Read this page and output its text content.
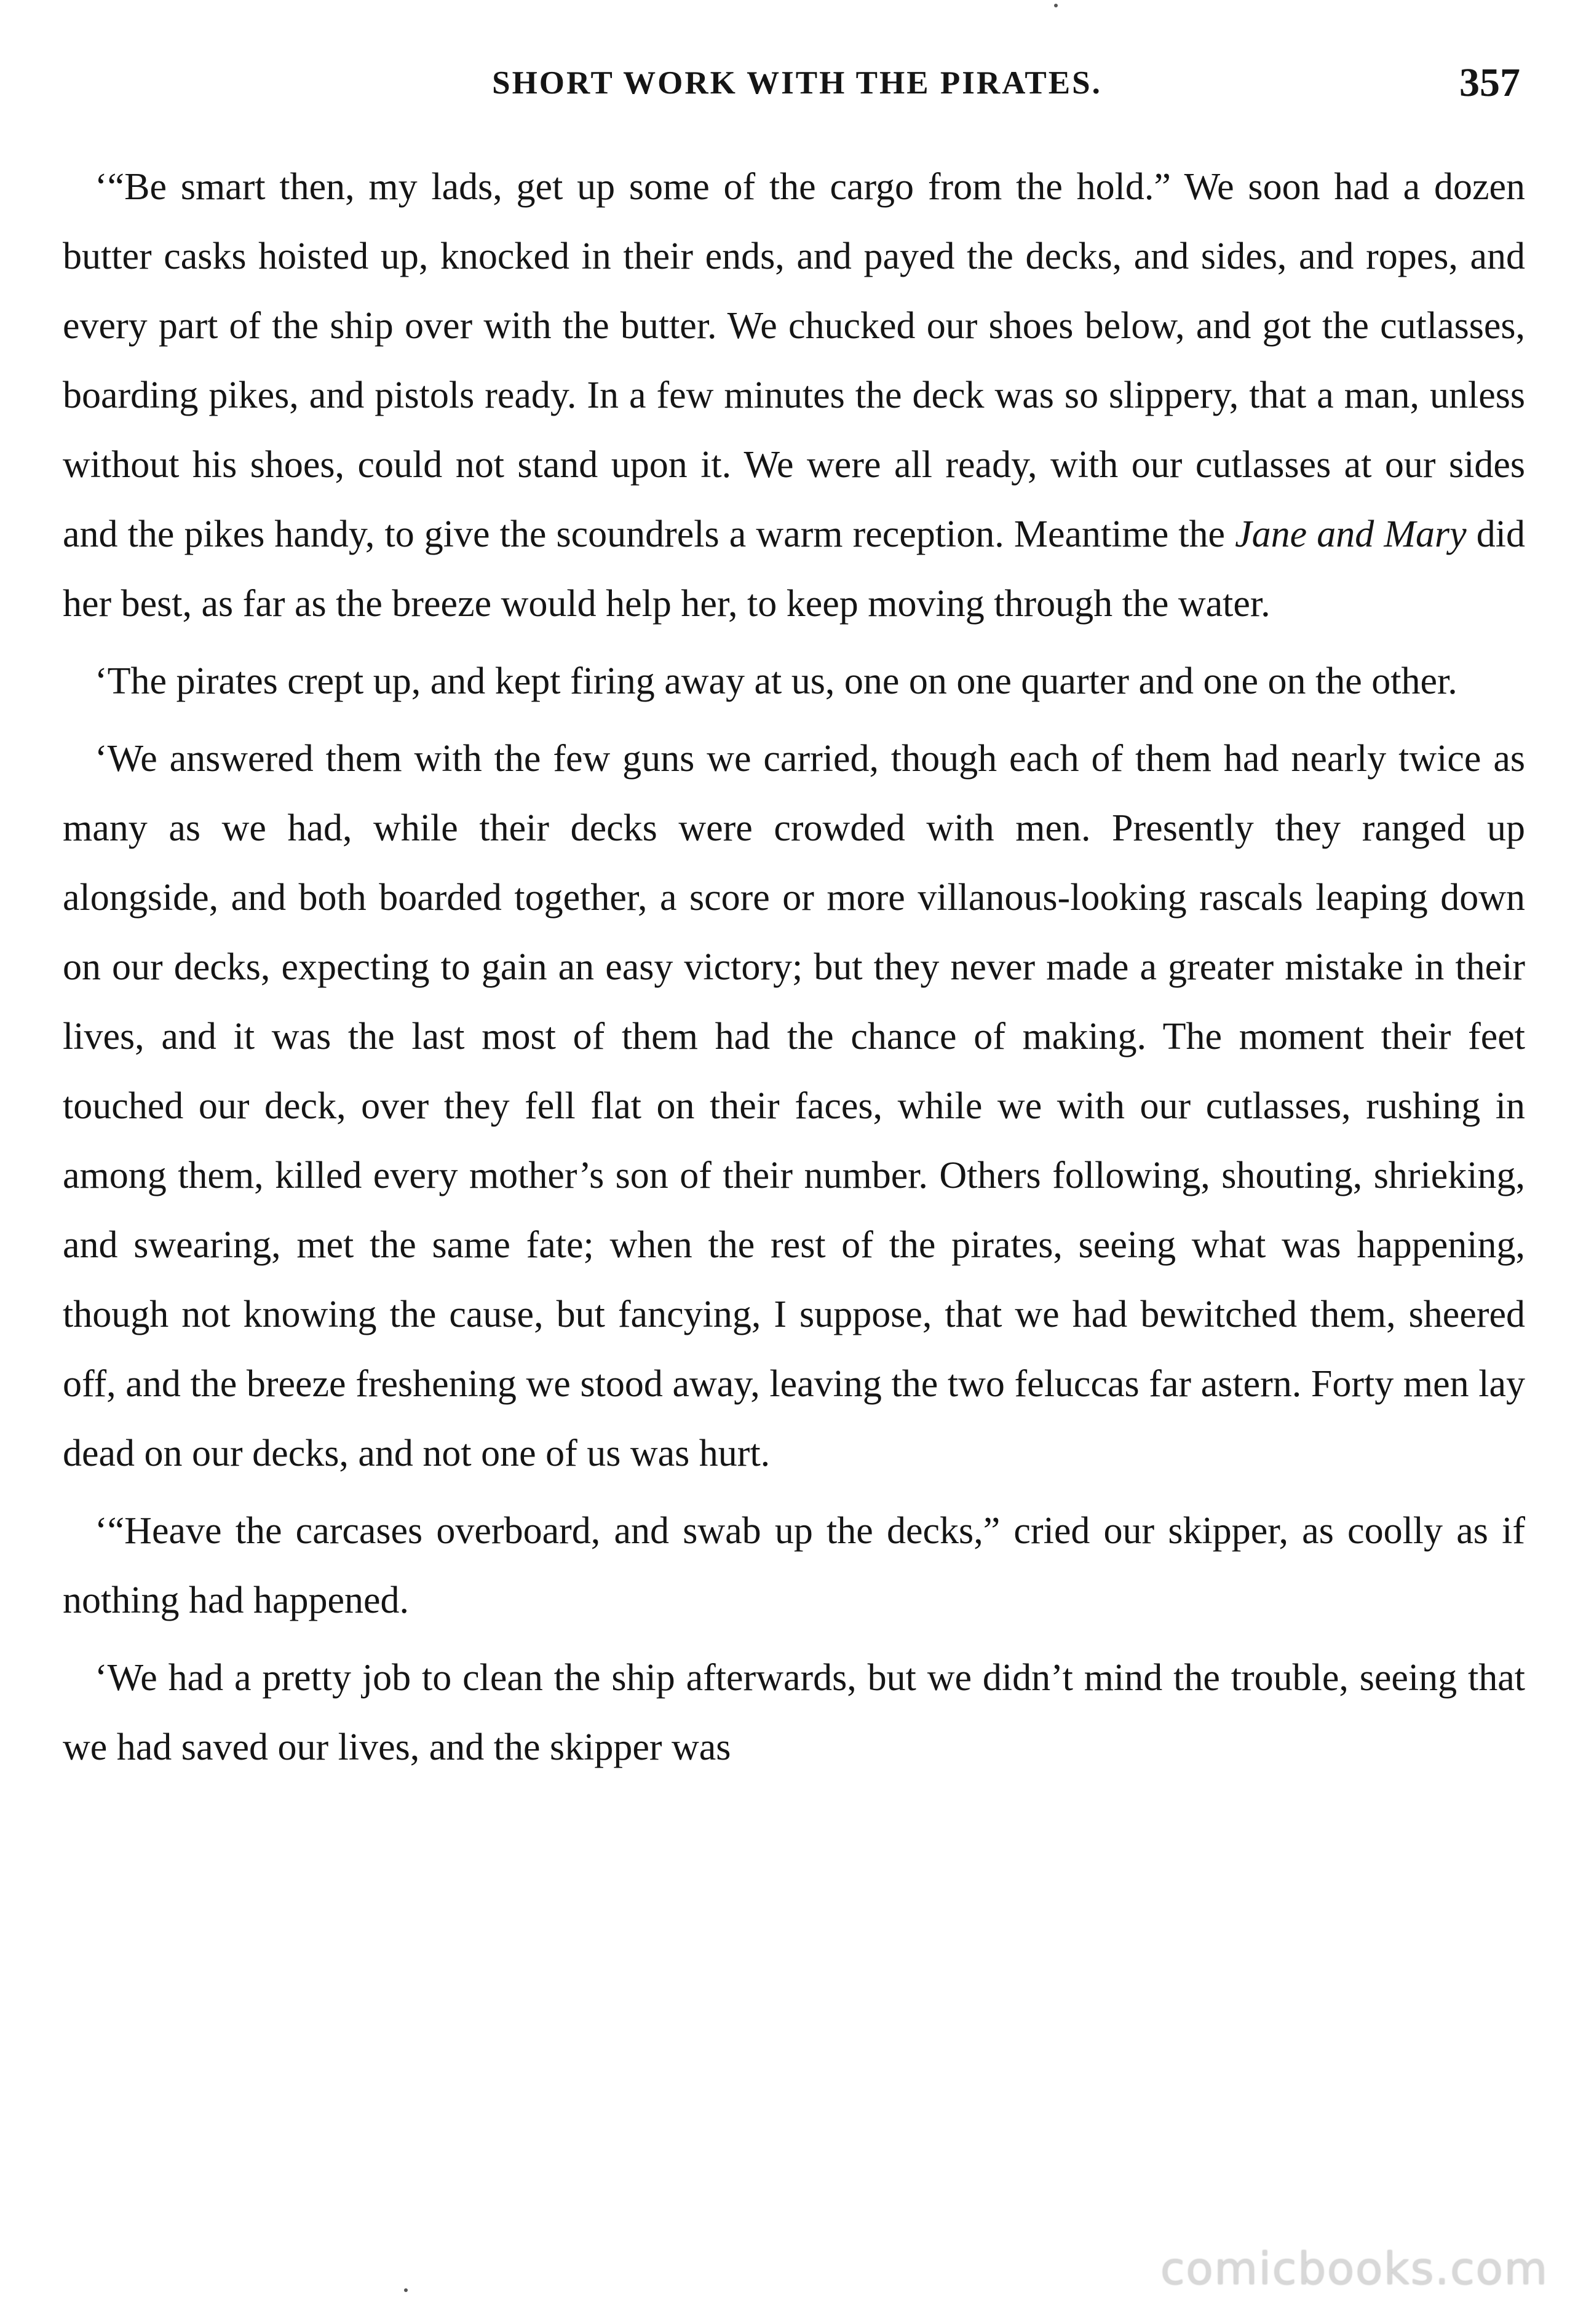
SHORT WORK WITH THE PIRATES.	357

‘“Be smart then, my lads, get up some of the cargo from the hold.” We soon had a dozen butter casks hoisted up, knocked in their ends, and payed the decks, and sides, and ropes, and every part of the ship over with the butter. We chucked our shoes below, and got the cutlasses, boarding pikes, and pistols ready. In a few minutes the deck was so slippery, that a man, unless without his shoes, could not stand upon it. We were all ready, with our cutlasses at our sides and the pikes handy, to give the scoundrels a warm reception. Meantime the Jane and Mary did her best, as far as the breeze would help her, to keep moving through the water.

‘The pirates crept up, and kept firing away at us, one on one quarter and one on the other.

‘We answered them with the few guns we carried, though each of them had nearly twice as many as we had, while their decks were crowded with men. Presently they ranged up alongside, and both boarded together, a score or more villanous-looking rascals leaping down on our decks, expecting to gain an easy victory; but they never made a greater mistake in their lives, and it was the last most of them had the chance of making. The moment their feet touched our deck, over they fell flat on their faces, while we with our cutlasses, rushing in among them, killed every mother’s son of their number. Others following, shouting, shrieking, and swearing, met the same fate; when the rest of the pirates, seeing what was happening, though not knowing the cause, but fancying, I suppose, that we had bewitched them, sheered off, and the breeze freshening we stood away, leaving the two feluccas far astern. Forty men lay dead on our decks, and not one of us was hurt.

‘“Heave the carcases overboard, and swab up the decks,” cried our skipper, as coolly as if nothing had happened.

‘We had a pretty job to clean the ship afterwards, but we didn’t mind the trouble, seeing that we had saved our lives, and the skipper was

comicbooks.com
